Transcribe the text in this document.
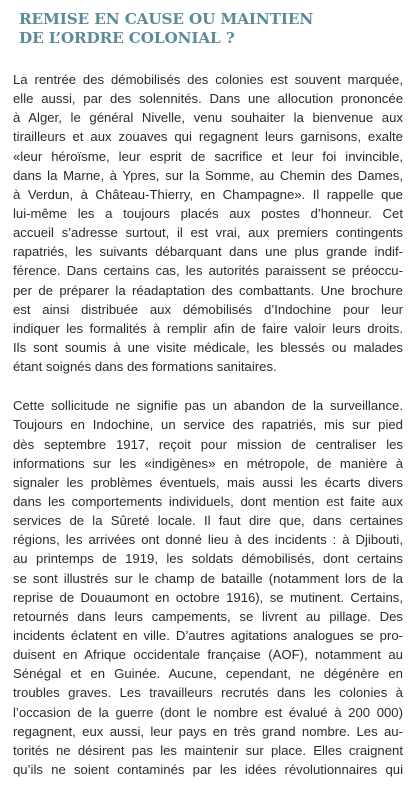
REMISE EN CAUSE OU MAINTIEN
DE L’ORDRE COLONIAL ?

La rentrée des démobilisés des colonies est souvent marquée,
elle aussi, par des solennités. Dans une allocution prononcée
à Alger, le général Nivelle, venu souhaiter la bienvenue aux
tirailleurs et aux zouaves qui regagnent leurs garnisons, exalte
«leur héroïsme, leur esprit de sacrifice et leur foi invincible,
dans la Marne, à Ypres, sur la Somme, au Chemin des Dames,
à Verdun, à Château-Thierry, en Champagne». Il rappelle que
lui-même les a toujours placés aux postes d’honneur. Cet
accueil s’adresse surtout, il est vrai, aux premiers contingents
rapatriés, les suivants débarquant dans une plus grande indif-
férence. Dans certains cas, les autorités paraissent se préoccu-
per de préparer la réadaptation des combattants. Une brochure
est ainsi distribuée aux démobilisés d’Indochine pour leur
indiquer les formalités à remplir afin de faire valoir leurs droits.
Ils sont soumis à une visite médicale, les blessés ou malades
étant soignés dans des formations sanitaires.

Cette sollicitude ne signifie pas un abandon de la surveillance.
Toujours en Indochine, un service des rapatriés, mis sur pied
dès septembre 1917, reçoit pour mission de centraliser les
informations sur les «indigènes» en métropole, de manière à
signaler les problèmes éventuels, mais aussi les écarts divers
dans les comportements individuels, dont mention est faite aux
services de la Sûreté locale. Il faut dire que, dans certaines
régions, les arrivées ont donné lieu à des incidents : à Djibouti,
au printemps de 1919, les soldats démobilisés, dont certains
se sont illustrés sur le champ de bataille (notamment lors de la
reprise de Douaumont en octobre 1916), se mutinent. Certains,
retournés dans leurs campements, se livrent au pillage. Des
incidents éclatent en ville. D’autres agitations analogues se pro-
duisent en Afrique occidentale française (AOF), notamment au
Sénégal et en Guinée. Aucune, cependant, ne dégénère en
troubles graves. Les travailleurs recrutés dans les colonies à
l’occasion de la guerre (dont le nombre est évalué à 200 000)
regagnent, eux aussi, leur pays en très grand nombre. Les au-
torités ne désirent pas les maintenir sur place. Elles craignent
qu’ils ne soient contaminés par les idées révolutionnaires qui
